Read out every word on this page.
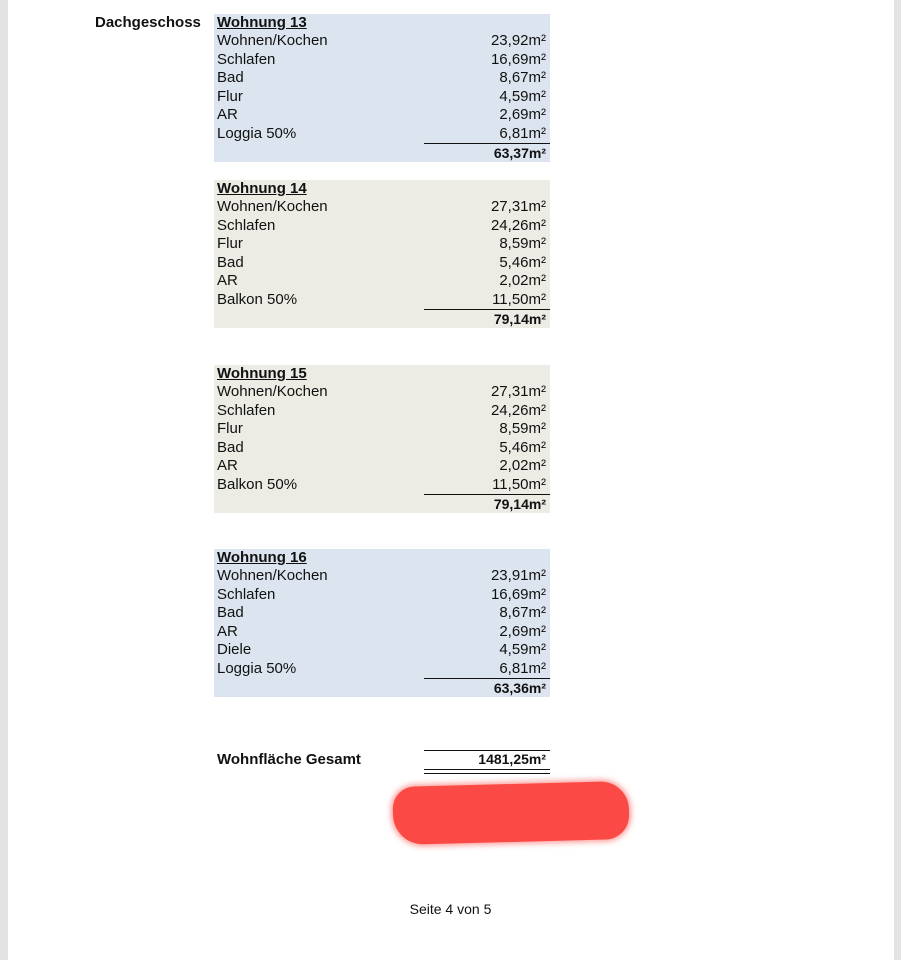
Dachgeschoss Wohnung 13
Wohnen/Kochen	23,92m²
Schlafen	16,69m²
Bad	8,67m²
Flur	4,59m²
AR	2,69m²
Loggia 50%	6,81m²
63,37m²
Wohnung 14
Wohnen/Kochen	27,31m²
Schlafen	24,26m²
Flur	8,59m²
Bad	5,46m²
AR	2,02m²
Balkon 50%	11,50m²
79,14m²
Wohnung 15
Wohnen/Kochen	27,31m²
Schlafen	24,26m²
Flur	8,59m²
Bad	5,46m²
AR	2,02m²
Balkon 50%	11,50m²
79,14m²
Wohnung 16
Wohnen/Kochen	23,91m²
Schlafen	16,69m²
Bad	8,67m²
AR	2,69m²
Diele	4,59m²
Loggia 50%	6,81m²
63,36m²
Wohnfläche Gesamt	1481,25m²
Seite 4 von 5
